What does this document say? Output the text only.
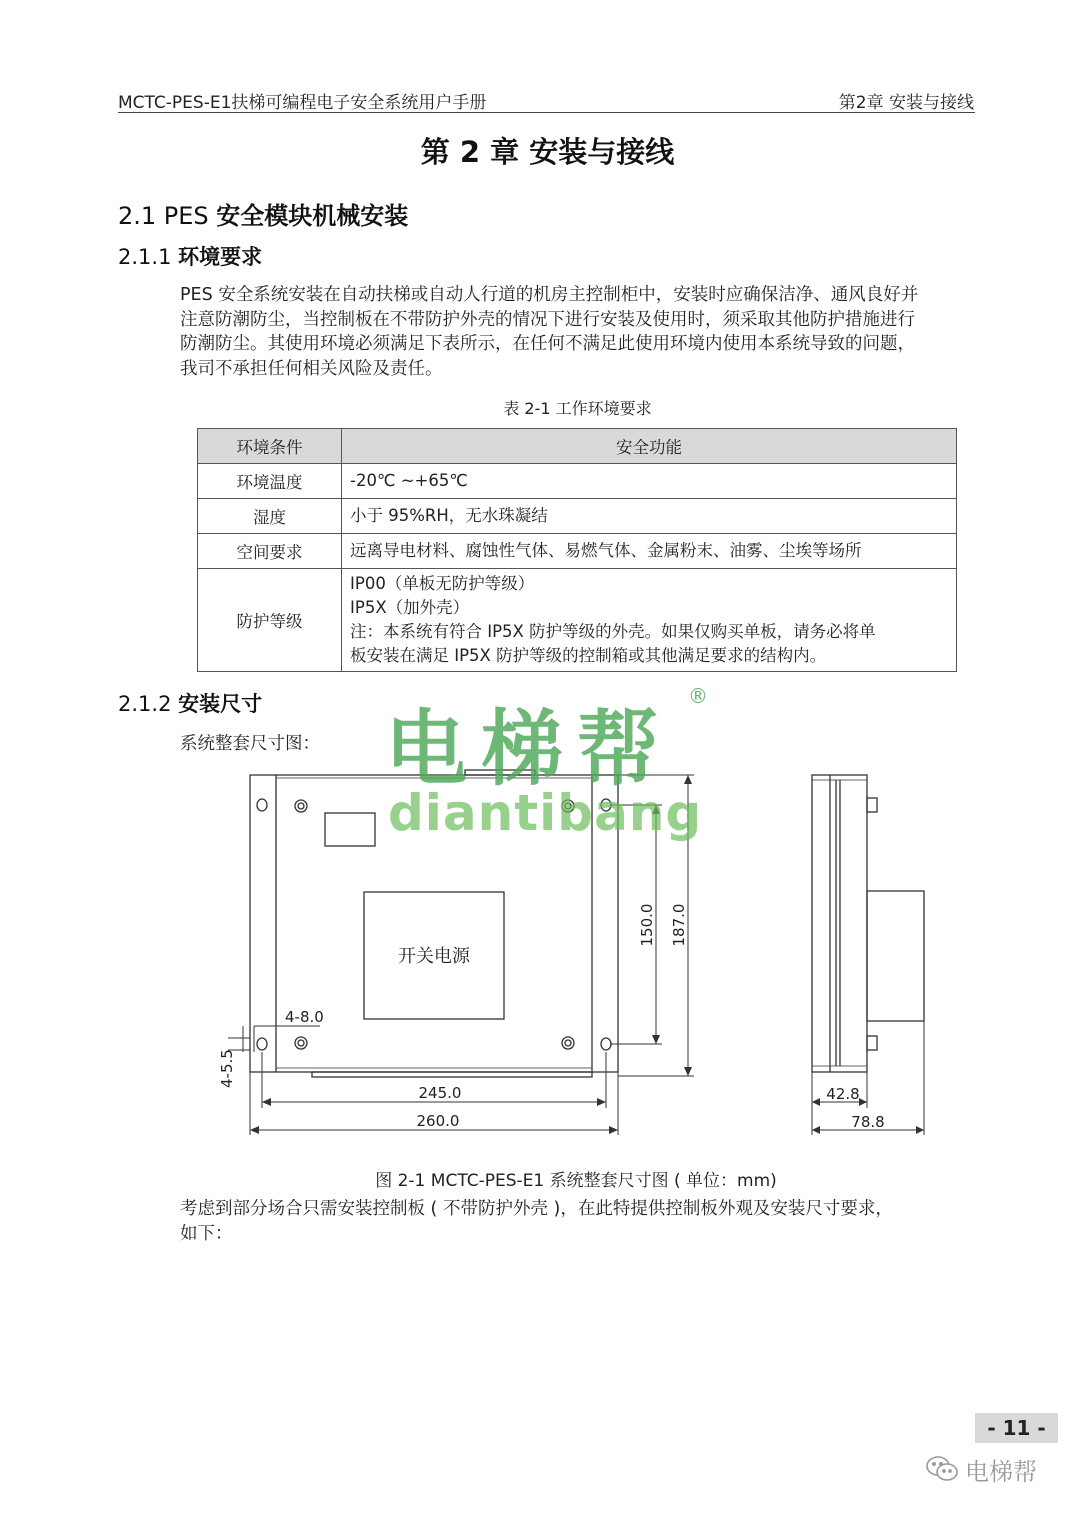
MCTC-PES-E1扶梯可编程电子安全系统用户手册	第2章 安装与接线
第 2 章 安装与接线
2.1 PES 安全模块机械安装
2.1.1 环境要求
PES 安全系统安装在自动扶梯或自动人行道的机房主控制柜中，安装时应确保洁净、通风良好并
注意防潮防尘，当控制板在不带防护外壳的情况下进行安装及使用时，须采取其他防护措施进行
防潮防尘。其使用环境必须满足下表所示，在任何不满足此使用环境内使用本系统导致的问题，
我司不承担任何相关风险及责任。
表 2-1 工作环境要求
环境条件	安全功能
环境温度	-20℃ ~+65℃

湿度	小于 95%RH，无水珠凝结

空间要求	远离导电材料、腐蚀性气体、易燃气体、金属粉末、油雾、尘埃等场所

防护等级	IP00（单板无防护等级）
IP5X（加外壳）
注：本系统有符合 IP5X 防护等级的外壳。如果仅购买单板，请务必将单
板安装在满足 IP5X 防护等级的控制箱或其他满足要求的结构内。
2.1.2 安装尺寸
系统整套尺寸图：
开关电源
4-8.0
4-5.5
245.0
260.0
150.0 187.0
42.8
78.8
电梯帮
®
diantibang
图 2-1 MCTC-PES-E1 系统整套尺寸图 ( 单位：mm)
考虑到部分场合只需安装控制板 ( 不带防护外壳 )，在此特提供控制板外观及安装尺寸要求，
如下：
- 11 -
电梯帮
